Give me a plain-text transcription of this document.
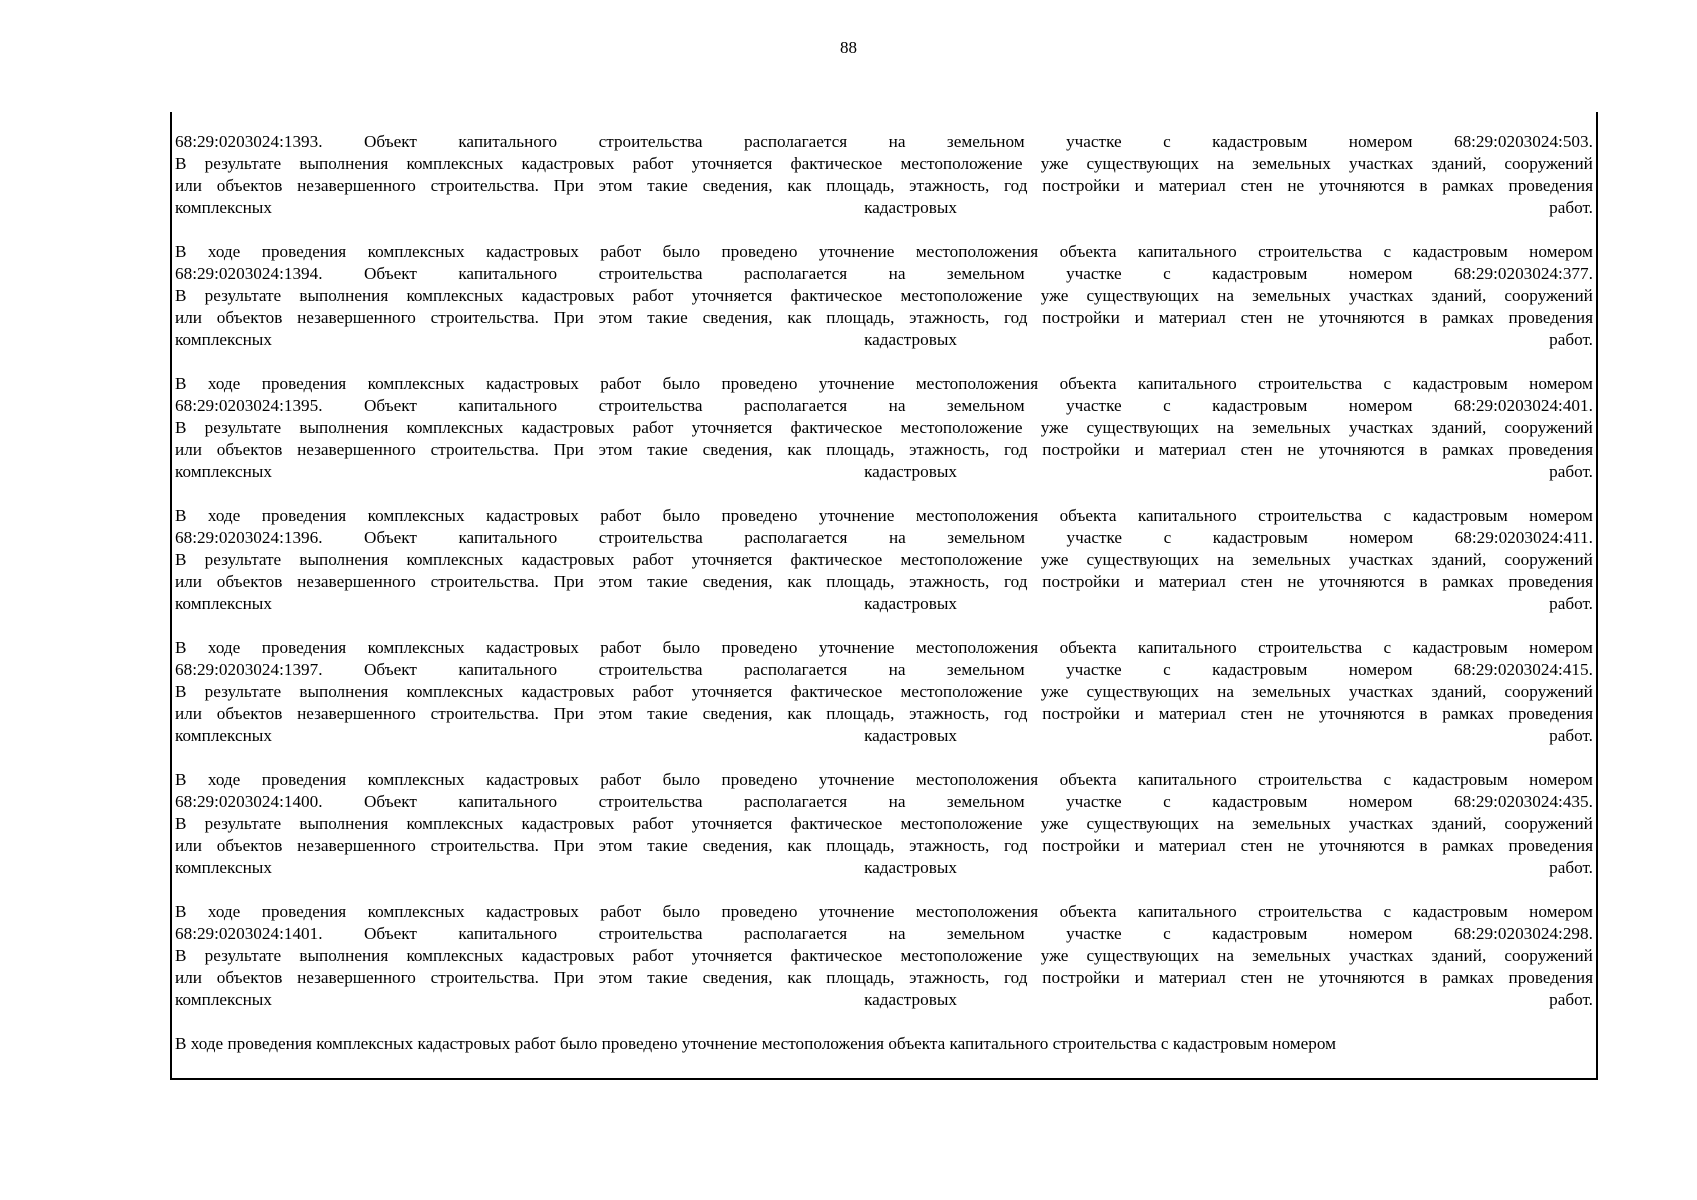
88
68:29:0203024:1393. Объект капитального строительства располагается на земельном участке с кадастровым номером 68:29:0203024:503.
В результате выполнения комплексных кадастровых работ уточняется фактическое местоположение уже существующих на земельных участках зданий, сооружений
или объектов незавершенного строительства. При этом такие сведения, как площадь, этажность, год постройки и материал стен не уточняются в рамках проведения
комплексных	кадастровых	работ.
В ходе проведения комплексных кадастровых работ было проведено уточнение местоположения объекта капитального строительства с кадастровым номером
68:29:0203024:1394. Объект капитального строительства располагается на земельном участке с кадастровым номером 68:29:0203024:377.
В результате выполнения комплексных кадастровых работ уточняется фактическое местоположение уже существующих на земельных участках зданий, сооружений
или объектов незавершенного строительства. При этом такие сведения, как площадь, этажность, год постройки и материал стен не уточняются в рамках проведения
комплексных	кадастровых	работ.
В ходе проведения комплексных кадастровых работ было проведено уточнение местоположения объекта капитального строительства с кадастровым номером
68:29:0203024:1395. Объект капитального строительства располагается на земельном участке с кадастровым номером 68:29:0203024:401.
В результате выполнения комплексных кадастровых работ уточняется фактическое местоположение уже существующих на земельных участках зданий, сооружений
или объектов незавершенного строительства. При этом такие сведения, как площадь, этажность, год постройки и материал стен не уточняются в рамках проведения
комплексных	кадастровых	работ.
В ходе проведения комплексных кадастровых работ было проведено уточнение местоположения объекта капитального строительства с кадастровым номером
68:29:0203024:1396. Объект капитального строительства располагается на земельном участке с кадастровым номером 68:29:0203024:411.
В результате выполнения комплексных кадастровых работ уточняется фактическое местоположение уже существующих на земельных участках зданий, сооружений
или объектов незавершенного строительства. При этом такие сведения, как площадь, этажность, год постройки и материал стен не уточняются в рамках проведения
комплексных	кадастровых	работ.
В ходе проведения комплексных кадастровых работ было проведено уточнение местоположения объекта капитального строительства с кадастровым номером
68:29:0203024:1397. Объект капитального строительства располагается на земельном участке с кадастровым номером 68:29:0203024:415.
В результате выполнения комплексных кадастровых работ уточняется фактическое местоположение уже существующих на земельных участках зданий, сооружений
или объектов незавершенного строительства. При этом такие сведения, как площадь, этажность, год постройки и материал стен не уточняются в рамках проведения
комплексных	кадастровых	работ.
В ходе проведения комплексных кадастровых работ было проведено уточнение местоположения объекта капитального строительства с кадастровым номером
68:29:0203024:1400. Объект капитального строительства располагается на земельном участке с кадастровым номером 68:29:0203024:435.
В результате выполнения комплексных кадастровых работ уточняется фактическое местоположение уже существующих на земельных участках зданий, сооружений
или объектов незавершенного строительства. При этом такие сведения, как площадь, этажность, год постройки и материал стен не уточняются в рамках проведения
комплексных	кадастровых	работ.
В ходе проведения комплексных кадастровых работ было проведено уточнение местоположения объекта капитального строительства с кадастровым номером
68:29:0203024:1401. Объект капитального строительства располагается на земельном участке с кадастровым номером 68:29:0203024:298.
В результате выполнения комплексных кадастровых работ уточняется фактическое местоположение уже существующих на земельных участках зданий, сооружений
или объектов незавершенного строительства. При этом такие сведения, как площадь, этажность, год постройки и материал стен не уточняются в рамках проведения
комплексных	кадастровых	работ.
В ходе проведения комплексных кадастровых работ было проведено уточнение местоположения объекта капитального строительства с кадастровым номером
